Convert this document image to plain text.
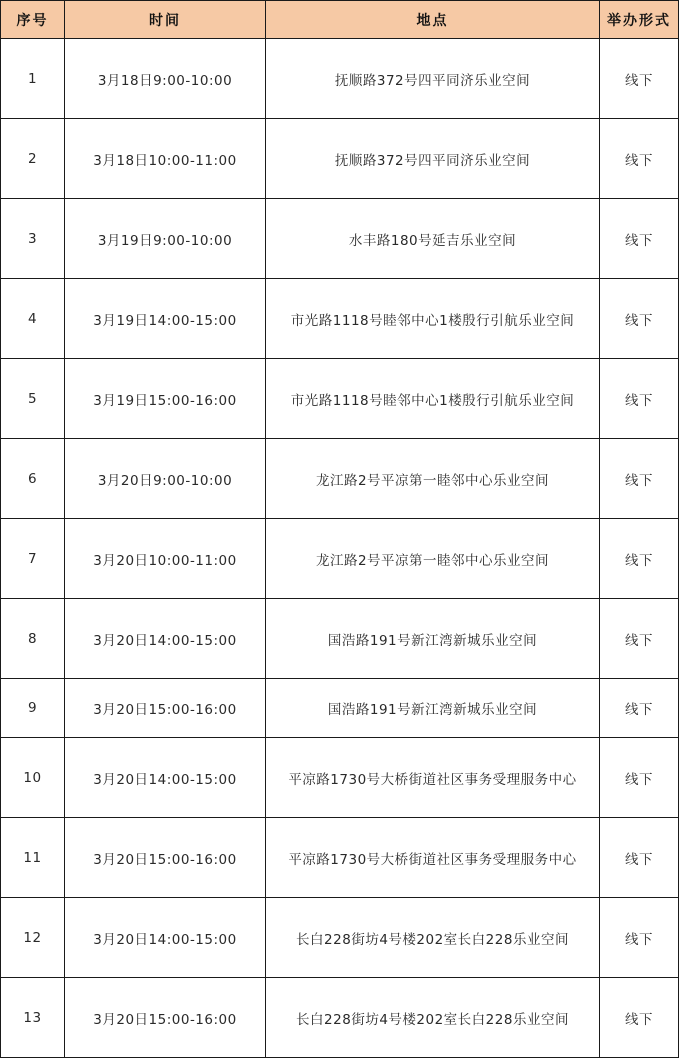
序号	时间	地点	举办形式
1	3月18日9:00-10:00	抚顺路372号四平同济乐业空间	线下
2	3月18日10:00-11:00	抚顺路372号四平同济乐业空间	线下
3	3月19日9:00-10:00	水丰路180号延吉乐业空间	线下
4	3月19日14:00-15:00	市光路1118号睦邻中心1楼殷行引航乐业空间	线下
5	3月19日15:00-16:00	市光路1118号睦邻中心1楼殷行引航乐业空间	线下
6	3月20日9:00-10:00	龙江路2号平凉第一睦邻中心乐业空间	线下
7	3月20日10:00-11:00	龙江路2号平凉第一睦邻中心乐业空间	线下
8	3月20日14:00-15:00	国浩路191号新江湾新城乐业空间	线下
9	3月20日15:00-16:00	国浩路191号新江湾新城乐业空间	线下
10	3月20日14:00-15:00	平凉路1730号大桥街道社区事务受理服务中心	线下
11	3月20日15:00-16:00	平凉路1730号大桥街道社区事务受理服务中心	线下
12	3月20日14:00-15:00	长白228街坊4号楼202室长白228乐业空间	线下
13	3月20日15:00-16:00	长白228街坊4号楼202室长白228乐业空间	线下
